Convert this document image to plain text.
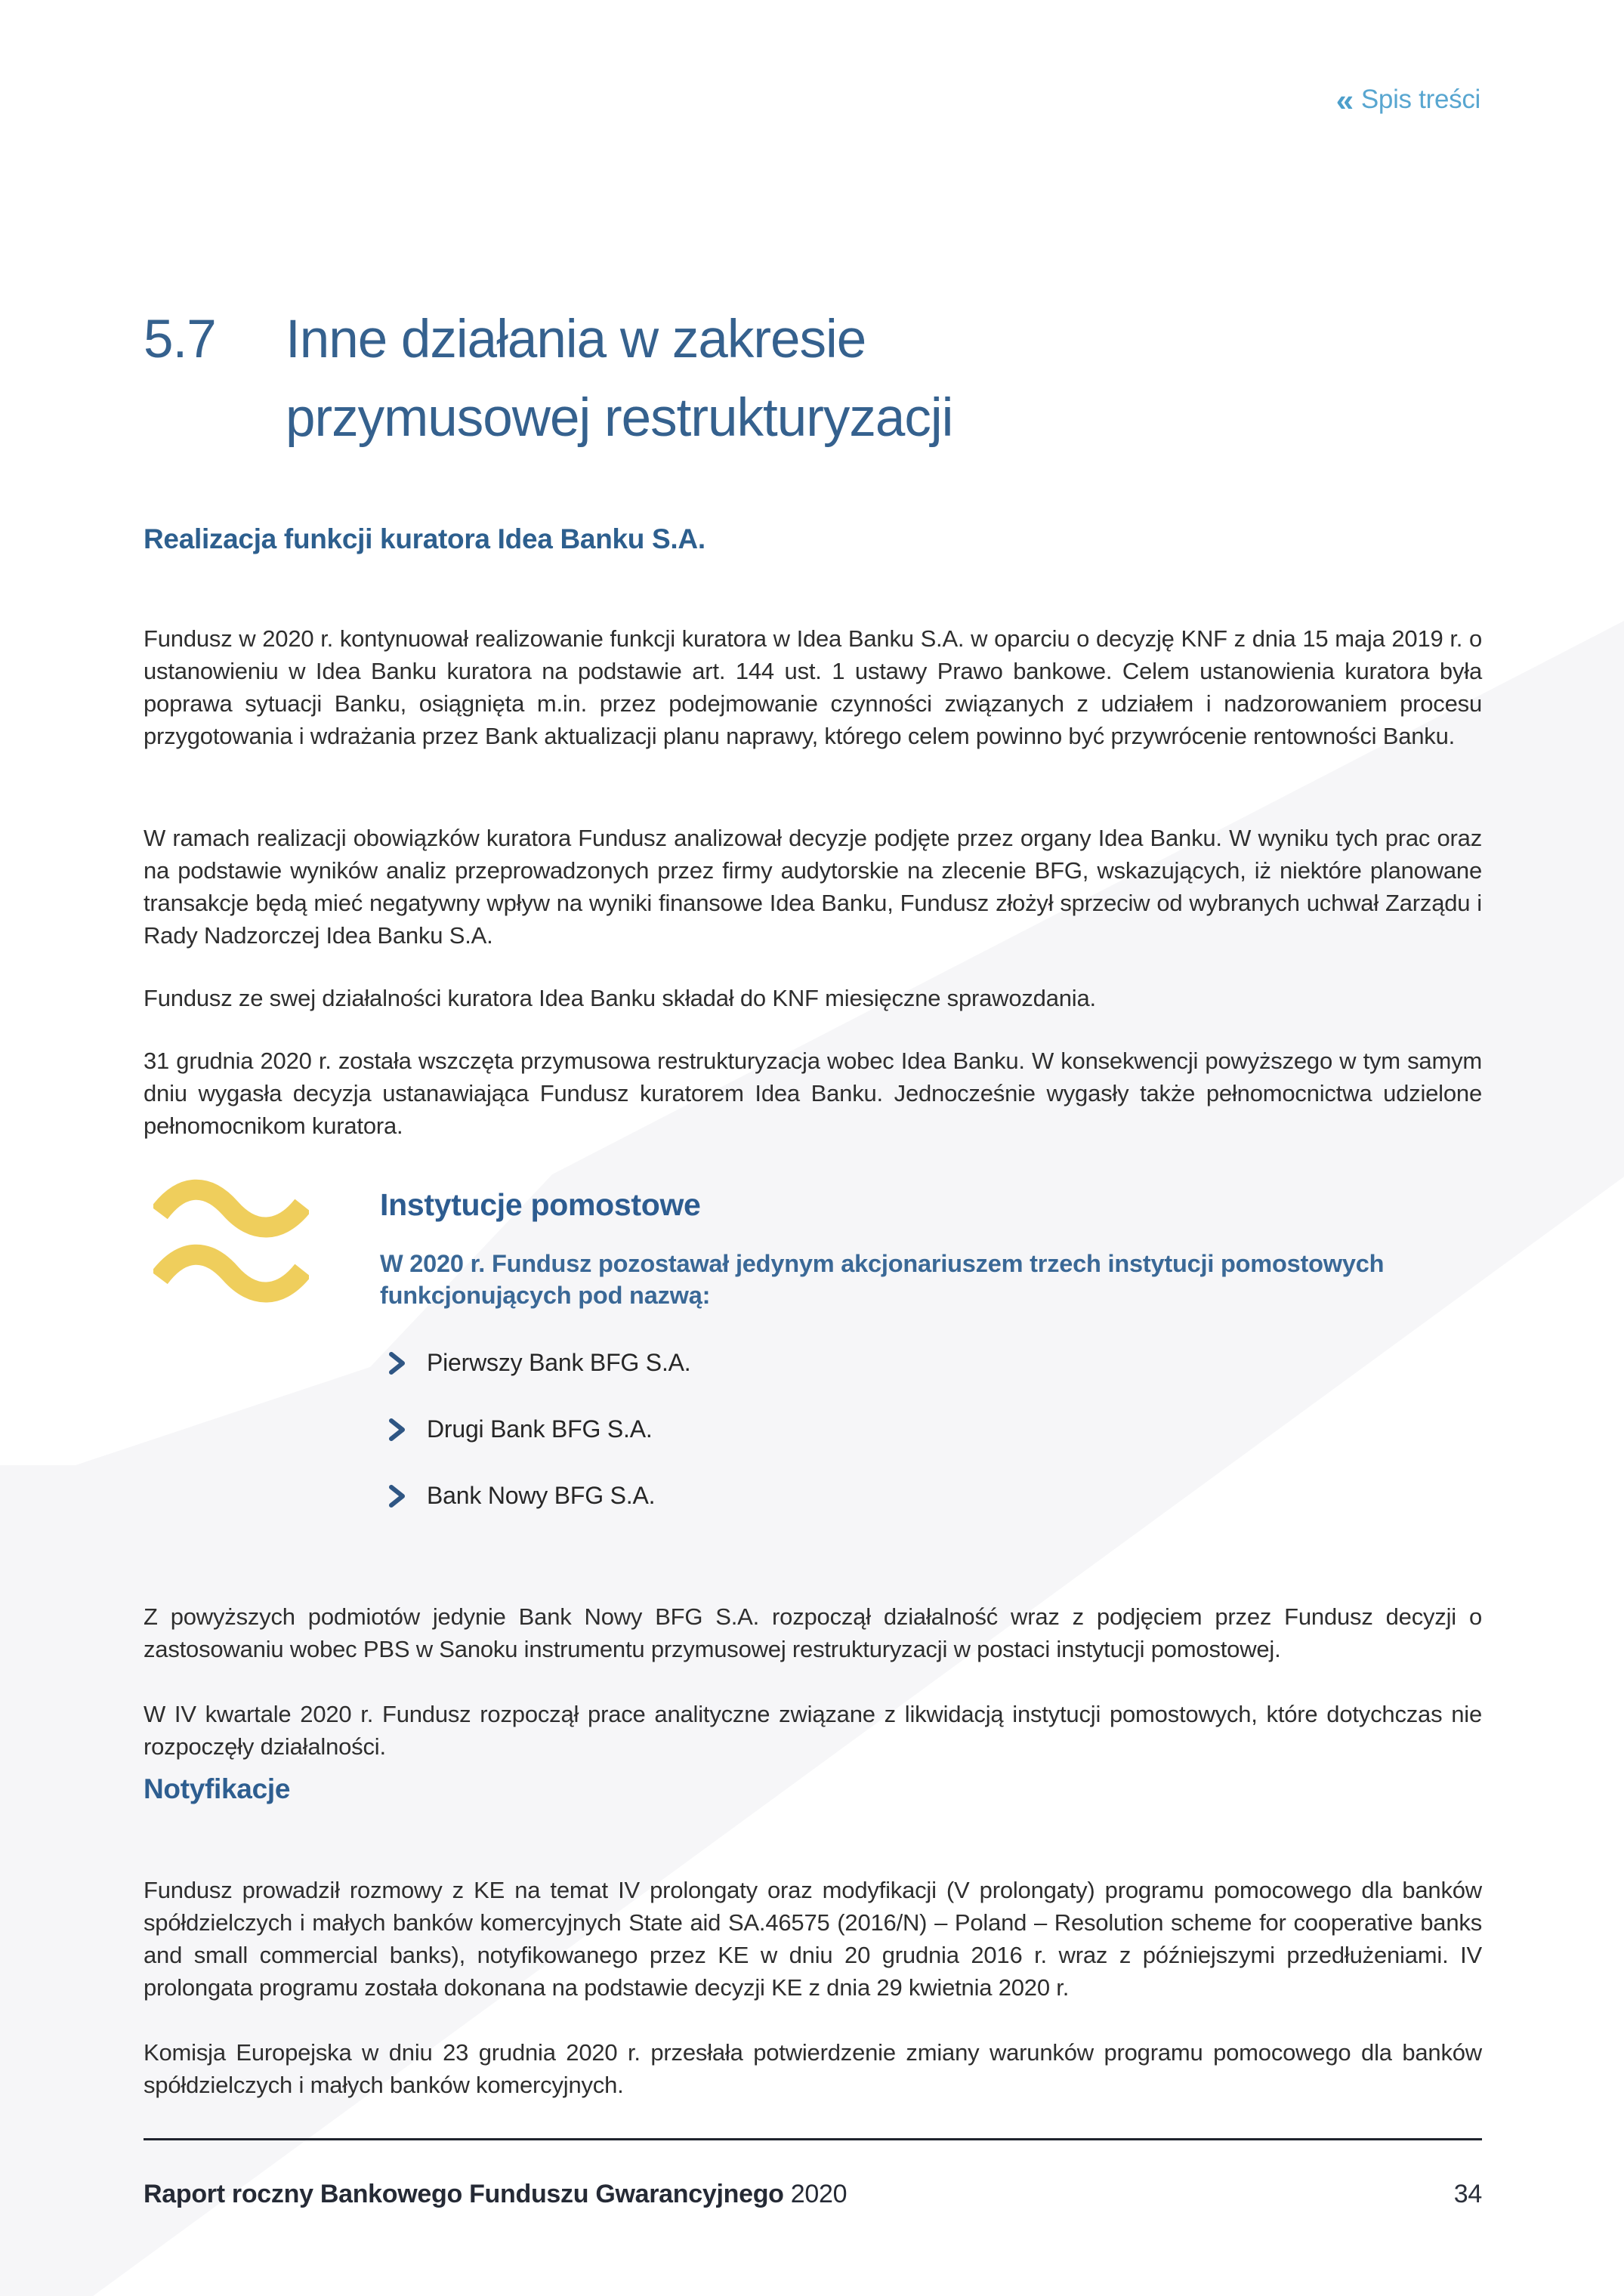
« Spis treści
5.7	Inne działania w zakresie
przymusowej restrukturyzacji
Realizacja funkcji kuratora Idea Banku S.A.

Fundusz w 2020 r. kontynuował realizowanie funkcji kuratora w Idea Banku S.A. w oparciu o decyzję KNF z dnia 15 maja 2019 r. o ustanowieniu w Idea Banku kuratora na podstawie art. 144 ust. 1 ustawy Prawo bankowe. Celem ustanowienia kuratora była poprawa sytuacji Banku, osiągnięta m.in. przez podejmowanie czynności związanych z udziałem i nadzorowaniem procesu przygotowania i wdrażania przez Bank aktualizacji planu naprawy, którego celem powinno być przywrócenie rentowności Banku.

W ramach realizacji obowiązków kuratora Fundusz analizował decyzje podjęte przez organy Idea Banku. W wyniku tych prac oraz na podstawie wyników analiz przeprowadzonych przez firmy audytorskie na zlecenie BFG, wskazujących, iż niektóre planowane transakcje będą mieć negatywny wpływ na wyniki finansowe Idea Banku, Fundusz złożył sprzeciw od wybranych uchwał Zarządu i Rady Nadzorczej Idea Banku S.A.

Fundusz ze swej działalności kuratora Idea Banku składał do KNF miesięczne sprawozdania.

31 grudnia 2020 r. została wszczęta przymusowa restrukturyzacja wobec Idea Banku. W konsekwencji powyższego w tym samym dniu wygasła decyzja ustanawiająca Fundusz kuratorem Idea Banku. Jednocześnie wygasły także pełnomocnictwa udzielone pełnomocnikom kuratora.

Instytucje pomostowe
W 2020 r. Fundusz pozostawał jedynym akcjonariuszem trzech instytucji pomostowych funkcjonujących pod nazwą:
Pierwszy Bank BFG S.A.
Drugi Bank BFG S.A.
Bank Nowy BFG S.A.

Z powyższych podmiotów jedynie Bank Nowy BFG S.A. rozpoczął działalność wraz z podjęciem przez Fundusz decyzji o zastosowaniu wobec PBS w Sanoku instrumentu przymusowej restrukturyzacji w postaci instytucji pomostowej.

W IV kwartale 2020 r. Fundusz rozpoczął prace analityczne związane z likwidacją instytucji pomostowych, które dotychczas nie rozpoczęły działalności.

Notyfikacje

Fundusz prowadził rozmowy z KE na temat IV prolongaty oraz modyfikacji (V prolongaty) programu pomocowego dla banków spółdzielczych i małych banków komercyjnych State aid SA.46575 (2016/N) – Poland – Resolution scheme for cooperative banks and small commercial banks), notyfikowanego przez KE w dniu 20 grudnia 2016 r. wraz z późniejszymi przedłużeniami. IV prolongata programu została dokonana na podstawie decyzji KE z dnia 29 kwietnia 2020 r.

Komisja Europejska w dniu 23 grudnia 2020 r. przesłała potwierdzenie zmiany warunków programu pomocowego dla banków spółdzielczych i małych banków komercyjnych.

Raport roczny Bankowego Funduszu Gwarancyjnego 2020	34
